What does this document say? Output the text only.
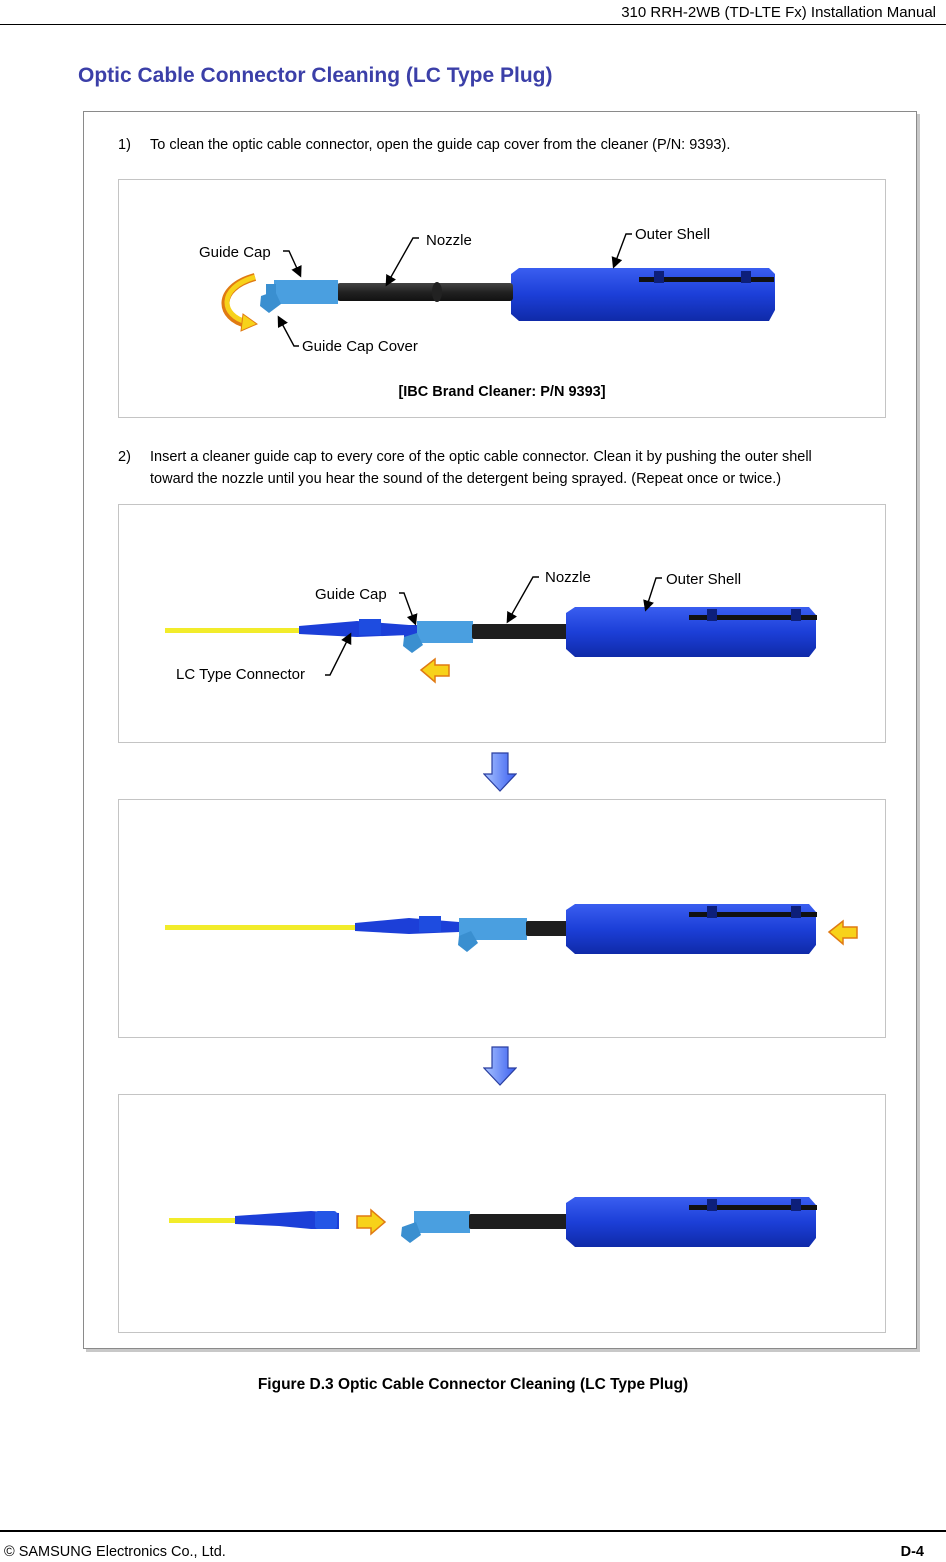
310 RRH-2WB (TD-LTE Fx) Installation Manual
Optic Cable Connector Cleaning (LC Type Plug)
1) To clean the optic cable connector, open the guide cap cover from the cleaner (P/N: 9393).
Guide Cap
Nozzle	Outer Shell
Guide Cap Cover
[IBC Brand Cleaner: P/N 9393]
2) Insert a cleaner guide cap to every core of the optic cable connector. Clean it by pushing the outer shell
toward the nozzle until you hear the sound of the detergent being sprayed. (Repeat once or twice.)
Guide Cap
Nozzle	Outer Shell
LC Type Connector
Figure D.3 Optic Cable Connector Cleaning (LC Type Plug)
© SAMSUNG Electronics Co., Ltd.	D-4
